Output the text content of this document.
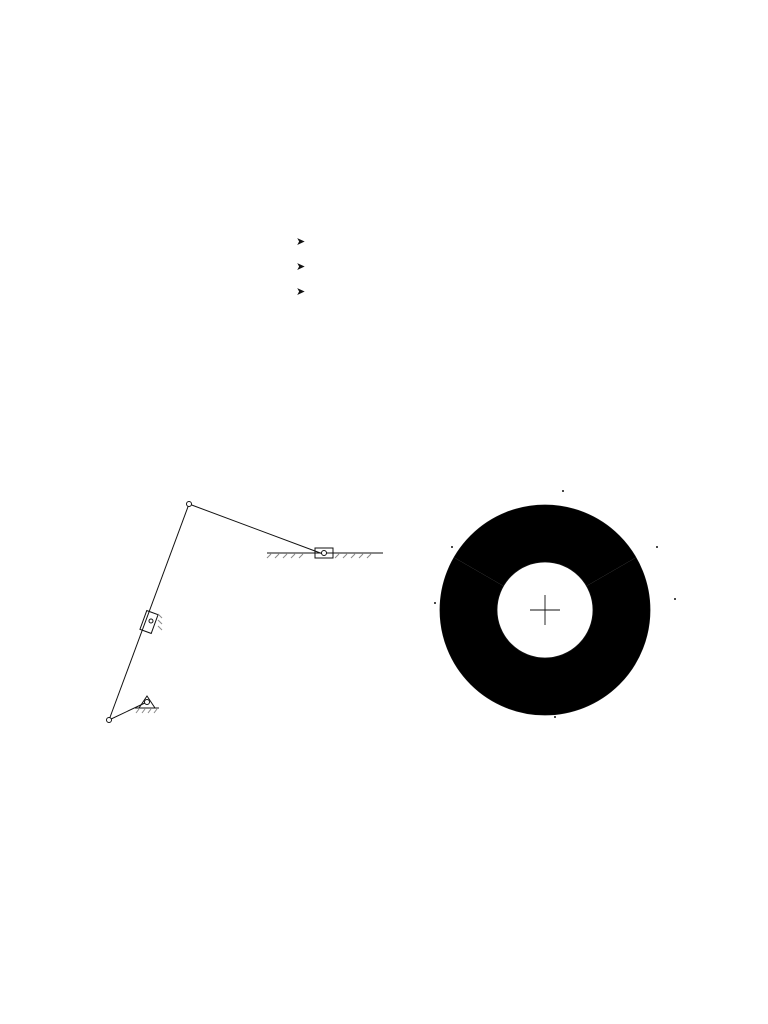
➤
➤
➤
